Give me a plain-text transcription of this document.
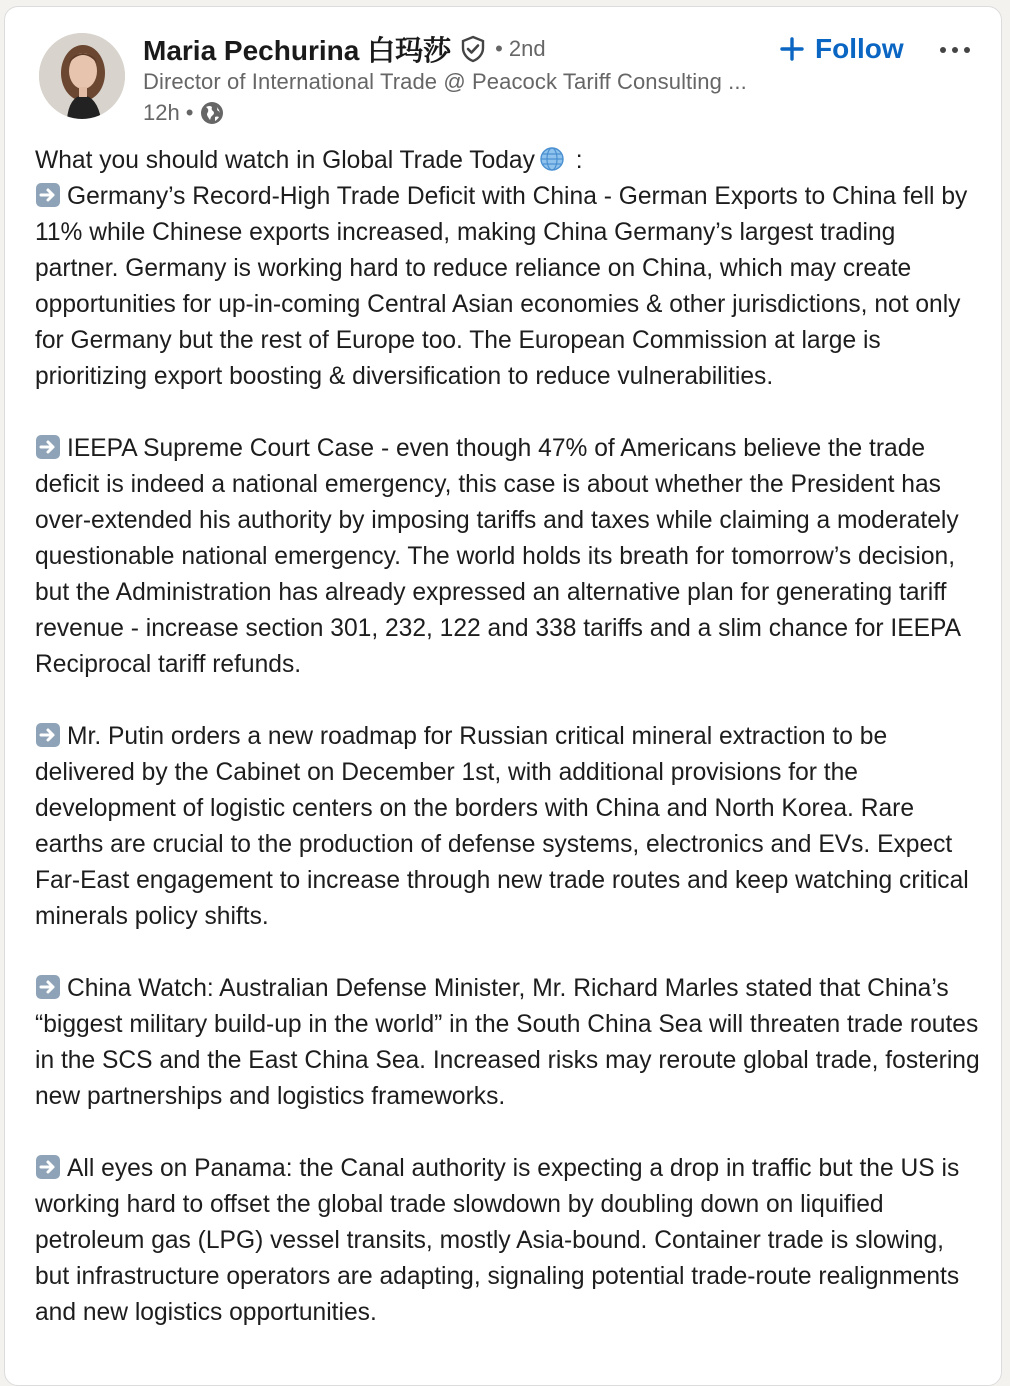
Maria Pechurina 白玛莎 • 2nd
Director of International Trade @ Peacock Tariff Consulting ...
12h •
Follow

What you should watch in Global Trade Today :

Germany’s Record-High Trade Deficit with China - German Exports to China fell by 11% while Chinese exports increased, making China Germany’s largest trading partner. Germany is working hard to reduce reliance on China, which may create opportunities for up-in-coming Central Asian economies & other jurisdictions, not only for Germany but the rest of Europe too. The European Commission at large is prioritizing export boosting & diversification to reduce vulnerabilities.

IEEPA Supreme Court Case - even though 47% of Americans believe the trade deficit is indeed a national emergency, this case is about whether the President has over-extended his authority by imposing tariffs and taxes while claiming a moderately questionable national emergency. The world holds its breath for tomorrow’s decision, but the Administration has already expressed an alternative plan for generating tariff revenue - increase section 301, 232, 122 and 338 tariffs and a slim chance for IEEPA Reciprocal tariff refunds.

Mr. Putin orders a new roadmap for Russian critical mineral extraction to be delivered by the Cabinet on December 1st, with additional provisions for the development of logistic centers on the borders with China and North Korea. Rare earths are crucial to the production of defense systems, electronics and EVs. Expect Far-East engagement to increase through new trade routes and keep watching critical minerals policy shifts.

China Watch: Australian Defense Minister, Mr. Richard Marles stated that China’s “biggest military build-up in the world” in the South China Sea will threaten trade routes in the SCS and the East China Sea. Increased risks may reroute global trade, fostering new partnerships and logistics frameworks.

All eyes on Panama: the Canal authority is expecting a drop in traffic but the US is working hard to offset the global trade slowdown by doubling down on liquified petroleum gas (LPG) vessel transits, mostly Asia-bound. Container trade is slowing, but infrastructure operators are adapting, signaling potential trade-route realignments and new logistics opportunities.
